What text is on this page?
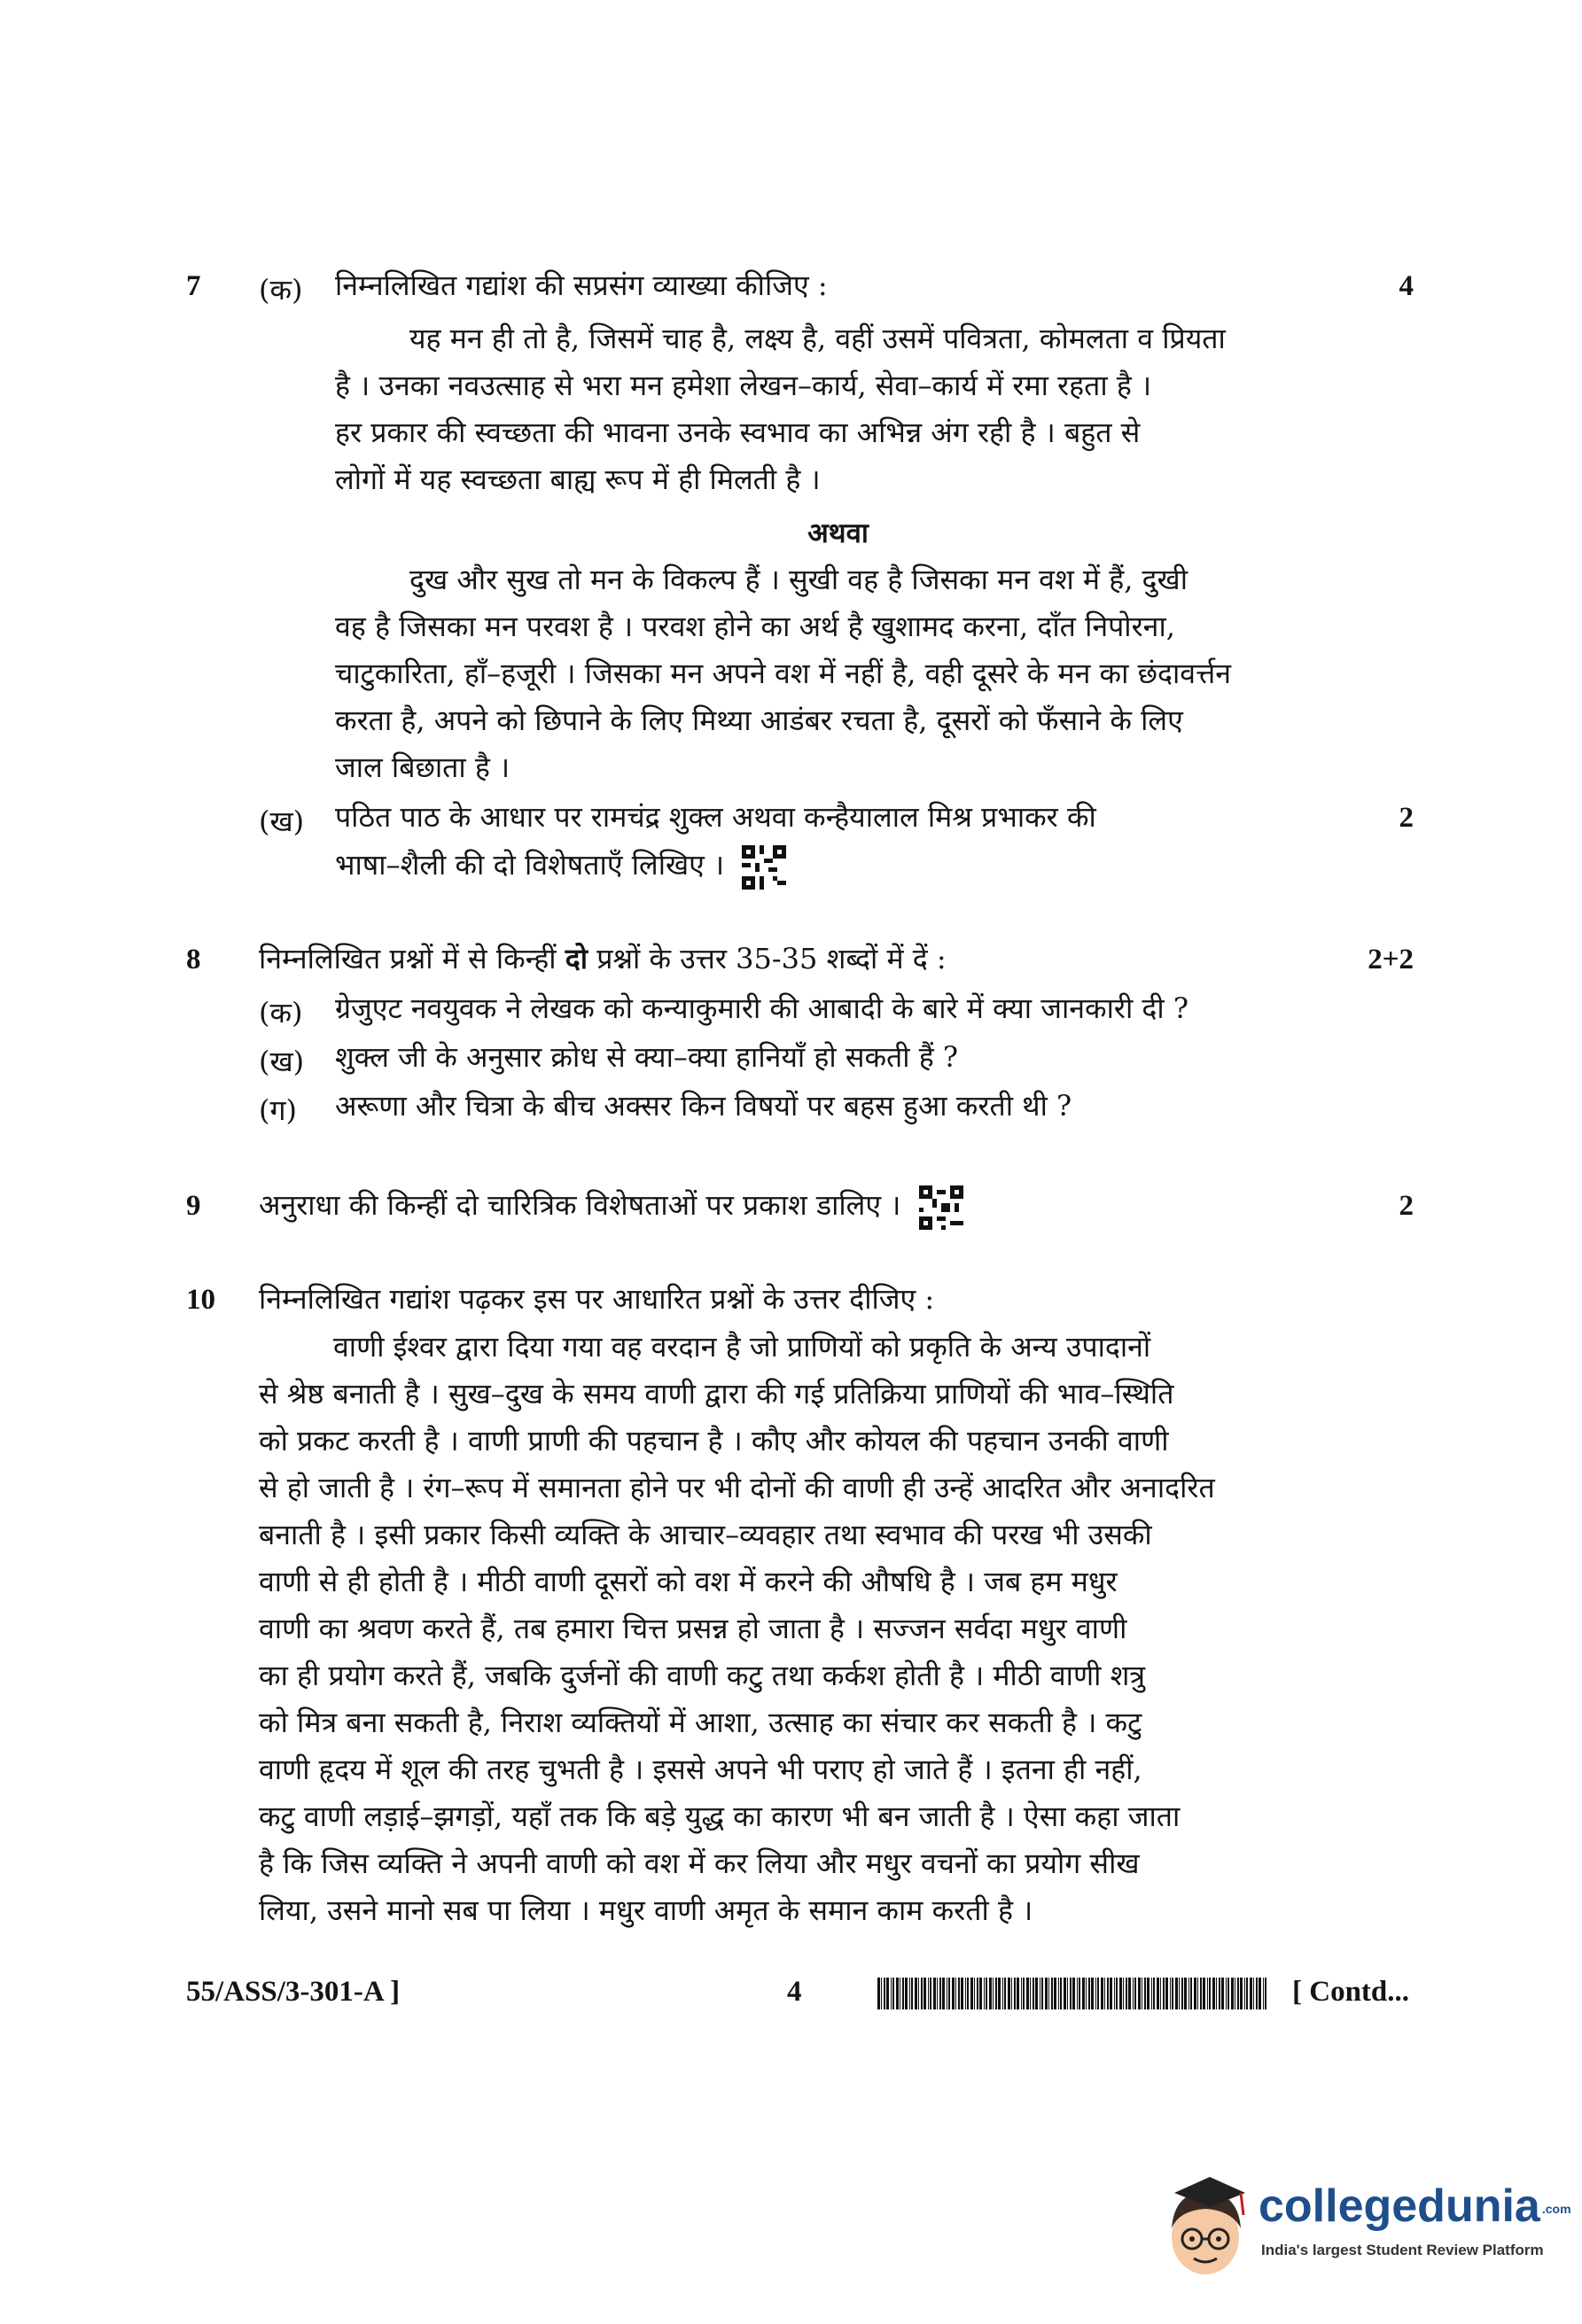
7 (क) निम्नलिखित गद्यांश की सप्रसंग व्याख्या कीजिए :	4
यह मन ही तो है, जिसमें चाह है, लक्ष्य है, वहीं उसमें पवित्रता, कोमलता व प्रियता
है । उनका नवउत्साह से भरा मन हमेशा लेखन–कार्य, सेवा–कार्य में रमा रहता है ।
हर प्रकार की स्वच्छता की भावना उनके स्वभाव का अभिन्न अंग रही है । बहुत से
लोगों में यह स्वच्छता बाह्य रूप में ही मिलती है ।
अथवा
दुख और सुख तो मन के विकल्प हैं । सुखी वह है जिसका मन वश में हैं, दुखी
वह है जिसका मन परवश है । परवश होने का अर्थ है खुशामद करना, दाँत निपोरना,
चाटुकारिता, हाँ–हजूरी । जिसका मन अपने वश में नहीं है, वही दूसरे के मन का छंदावर्त्तन
करता है, अपने को छिपाने के लिए मिथ्या आडंबर रचता है, दूसरों को फँसाने के लिए
जाल बिछाता है ।
(ख) पठित पाठ के आधार पर रामचंद्र शुक्ल अथवा कन्हैयालाल मिश्र प्रभाकर की
भाषा–शैली की दो विशेषताएँ लिखिए ।
2
8 निम्नलिखित प्रश्नों में से किन्हीं दो प्रश्नों के उत्तर 35-35 शब्दों में दें :	2+2
(क) ग्रेजुएट नवयुवक ने लेखक को कन्याकुमारी की आबादी के बारे में क्या जानकारी दी ?
(ख) शुक्ल जी के अनुसार क्रोध से क्या–क्या हानियाँ हो सकती हैं ?
(ग) अरूणा और चित्रा के बीच अक्सर किन विषयों पर बहस हुआ करती थी ?
9 अनुराधा की किन्हीं दो चारित्रिक विशेषताओं पर प्रकाश डालिए ।	2
10 निम्नलिखित गद्यांश पढ़कर इस पर आधारित प्रश्नों के उत्तर दीजिए :
वाणी ईश्वर द्वारा दिया गया वह वरदान है जो प्राणियों को प्रकृति के अन्य उपादानों
से श्रेष्ठ बनाती है । सुख–दुख के समय वाणी द्वारा की गई प्रतिक्रिया प्राणियों की भाव–स्थिति
को प्रकट करती है । वाणी प्राणी की पहचान है । कौए और कोयल की पहचान उनकी वाणी
से हो जाती है । रंग–रूप में समानता होने पर भी दोनों की वाणी ही उन्हें आदरित और अनादरित
बनाती है । इसी प्रकार किसी व्यक्ति के आचार–व्यवहार तथा स्वभाव की परख भी उसकी
वाणी से ही होती है । मीठी वाणी दूसरों को वश में करने की औषधि है । जब हम मधुर
वाणी का श्रवण करते हैं, तब हमारा चित्त प्रसन्न हो जाता है । सज्जन सर्वदा मधुर वाणी
का ही प्रयोग करते हैं, जबकि दुर्जनों की वाणी कटु तथा कर्कश होती है । मीठी वाणी शत्रु
को मित्र बना सकती है, निराश व्यक्तियों में आशा, उत्साह का संचार कर सकती है । कटु
वाणी हृदय में शूल की तरह चुभती है । इससे अपने भी पराए हो जाते हैं । इतना ही नहीं,
कटु वाणी लड़ाई–झगड़ों, यहाँ तक कि बड़े युद्ध का कारण भी बन जाती है । ऐसा कहा जाता
है कि जिस व्यक्ति ने अपनी वाणी को वश में कर लिया और मधुर वचनों का प्रयोग सीख
लिया, उसने मानो सब पा लिया । मधुर वाणी अमृत के समान काम करती है ।
55/ASS/3-301-A ]	4	[ Contd...
collegedunia .com
India's largest Student Review Platform
